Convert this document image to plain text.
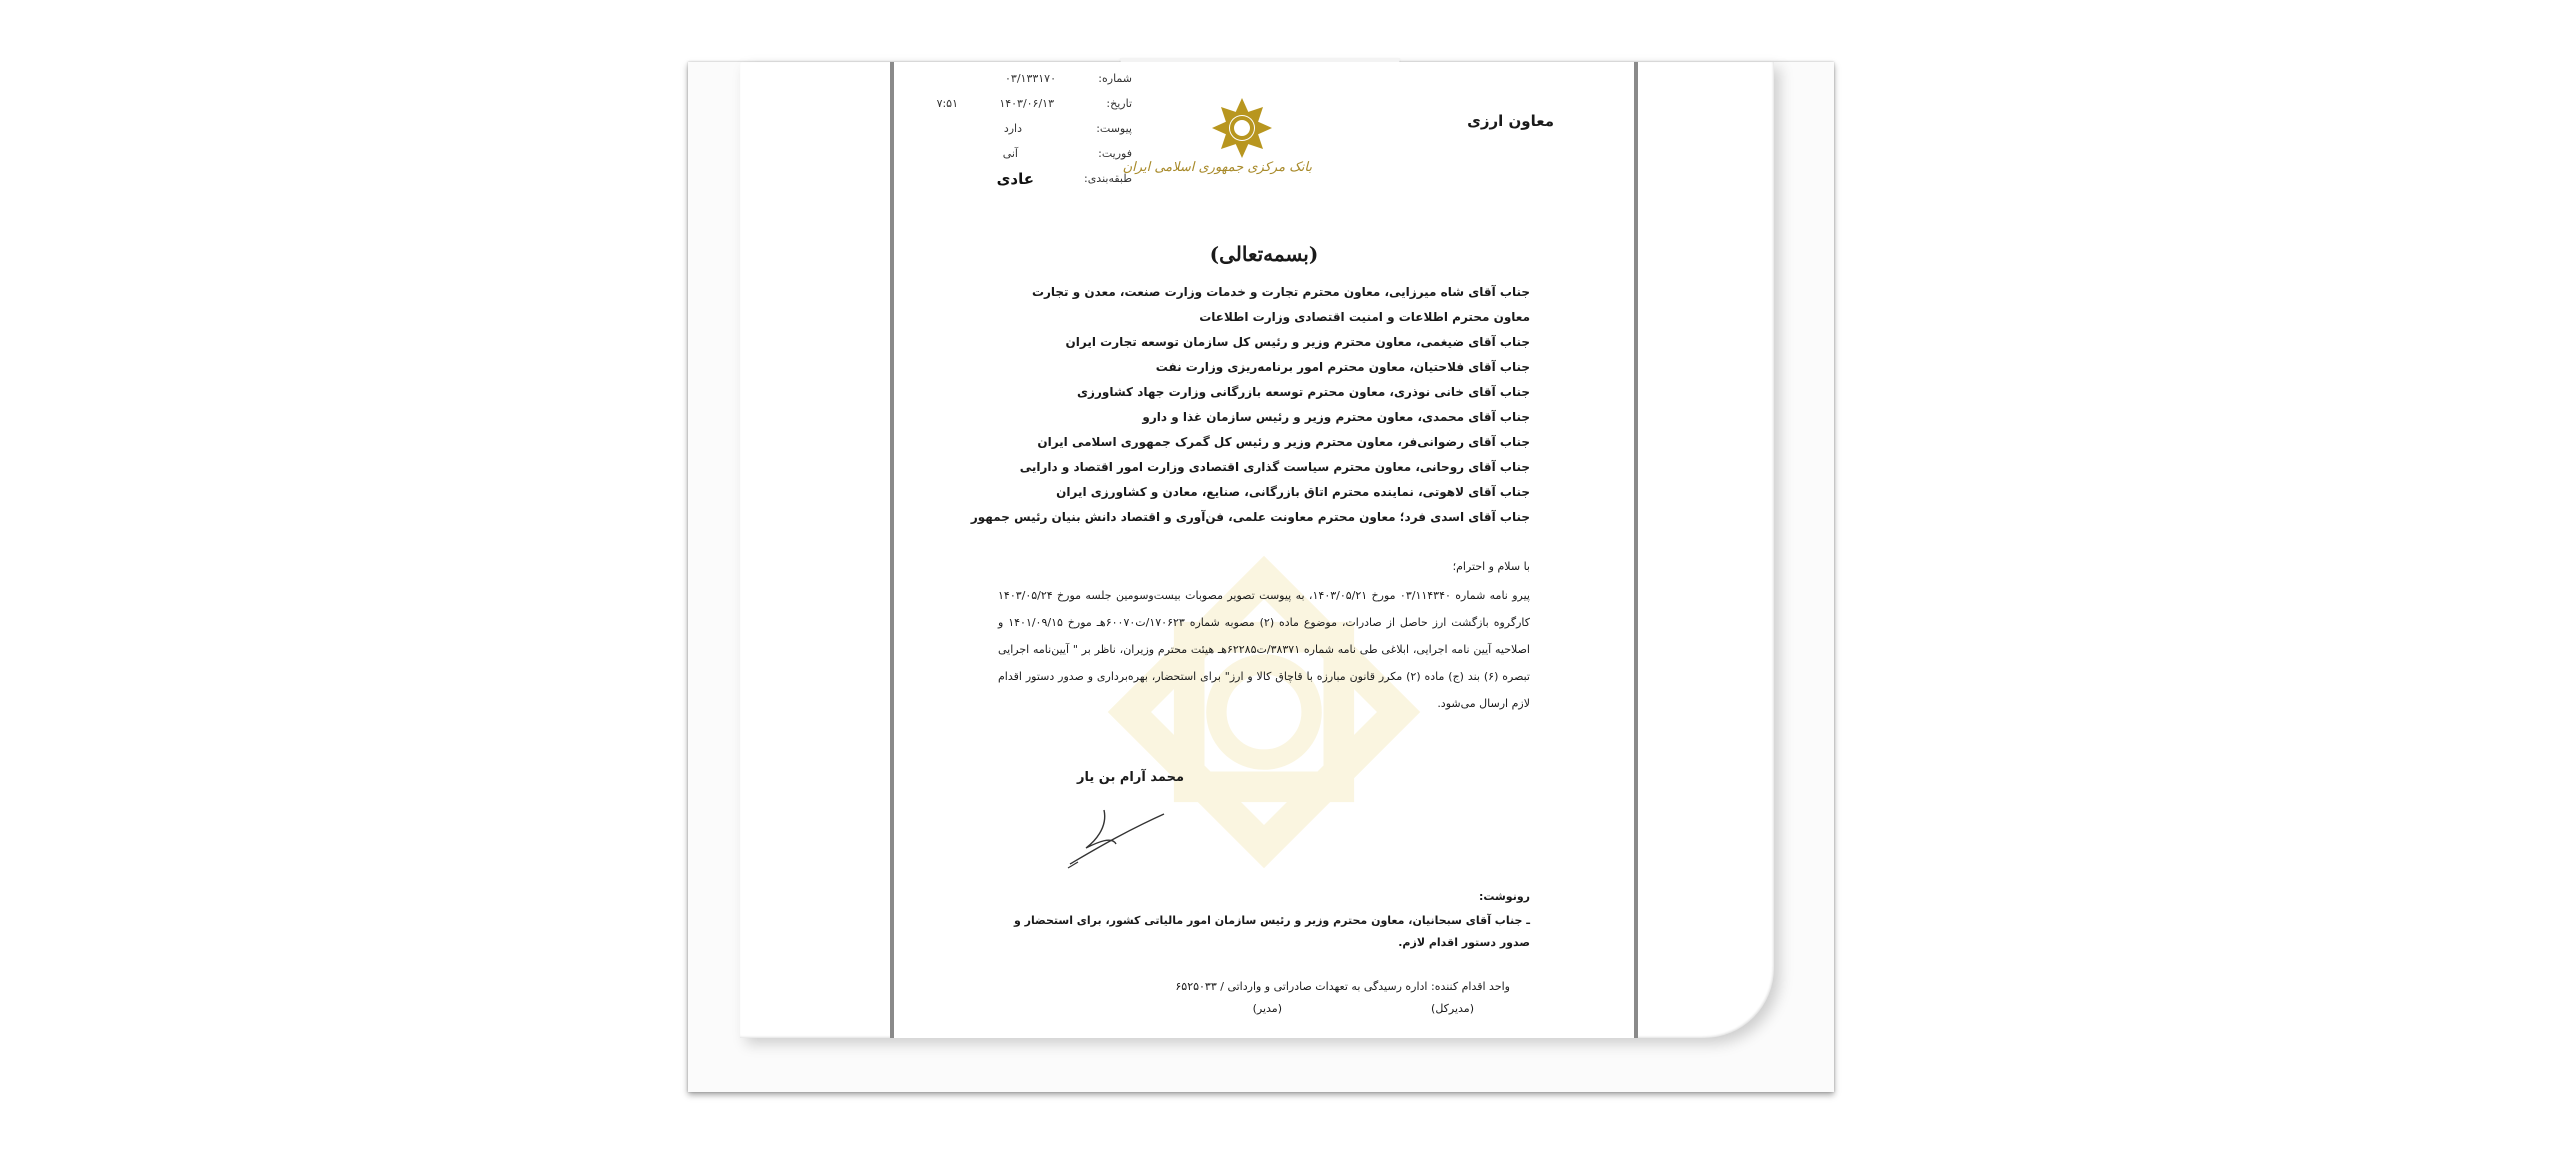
معاون ارزی
بانک مرکزی جمهوری اسلامی ایران
شماره:
۰۳/۱۳۳۱۷۰
تاریخ:
۱۴۰۳/۰۶/۱۳
۷:۵۱
پیوست:
دارد
فوریت:
آنی
طبقه‌بندی:
عادی
(بسمه‌تعالی)
جناب آقای شاه میرزایی، معاون محترم تجارت و خدمات وزارت صنعت، معدن و تجارت
معاون محترم اطلاعات و امنیت اقتصادی وزارت اطلاعات
جناب آقای ضیغمی، معاون محترم وزیر و رئیس کل سازمان توسعه تجارت ایران
جناب آقای فلاحتیان، معاون محترم امور برنامه‌ریزی وزارت نفت
جناب آقای خانی نوذری، معاون محترم توسعه بازرگانی وزارت جهاد کشاورزی
جناب آقای محمدی، معاون محترم وزیر و رئیس سازمان غذا و دارو
جناب آقای رضوانی‌فر، معاون محترم وزیر و رئیس کل گمرک جمهوری اسلامی ایران
جناب آقای روحانی، معاون محترم سیاست گذاری اقتصادی وزارت امور اقتصاد و دارایی
جناب آقای لاهوتی، نماینده محترم اتاق بازرگانی، صنایع، معادن و کشاورزی ایران
جناب آقای اسدی فرد؛ معاون محترم معاونت علمی، فن‌آوری و اقتصاد دانش بنیان رئیس جمهور
با سلام و احترام؛

پیرو نامه شماره ۰۳/۱۱۴۳۴۰ مورخ ۱۴۰۳/۰۵/۲۱، به پیوست تصویر مصوبات بیست‌وسومین جلسه مورخ ۱۴۰۳/۰۵/۲۴ کارگروه بازگشت ارز حاصل از صادرات، موضوع ماده (۲) مصوبه شماره ۱۷۰۶۲۳/ت۶۰۰۷۰هـ مورخ ۱۴۰۱/۰۹/۱۵ و اصلاحیه آیین نامه اجرایی، ابلاغی طی نامه شماره ۳۸۳۷۱/ت۶۲۲۸۵هـ هیئت محترم وزیران، ناظر بر " آیین‌نامه اجرایی تبصره (۶) بند (ج) ماده (۲) مکرر قانون مبارزه با قاچاق کالا و ارز" برای استحضار، بهره‌برداری و صدور دستور اقدام لازم ارسال می‌شود.

محمد آرام بن یار
رونوشت:

ـ جناب آقای سبحانیان، معاون محترم وزیر و رئیس سازمان امور مالیاتی کشور، برای استحضار و صدور دستور اقدام لازم.

واحد اقدام کننده: اداره رسیدگی به تعهدات صادراتی و وارداتی / ۶۵۲۵۰۳۳
(مدیرکل)
(مدیر)
